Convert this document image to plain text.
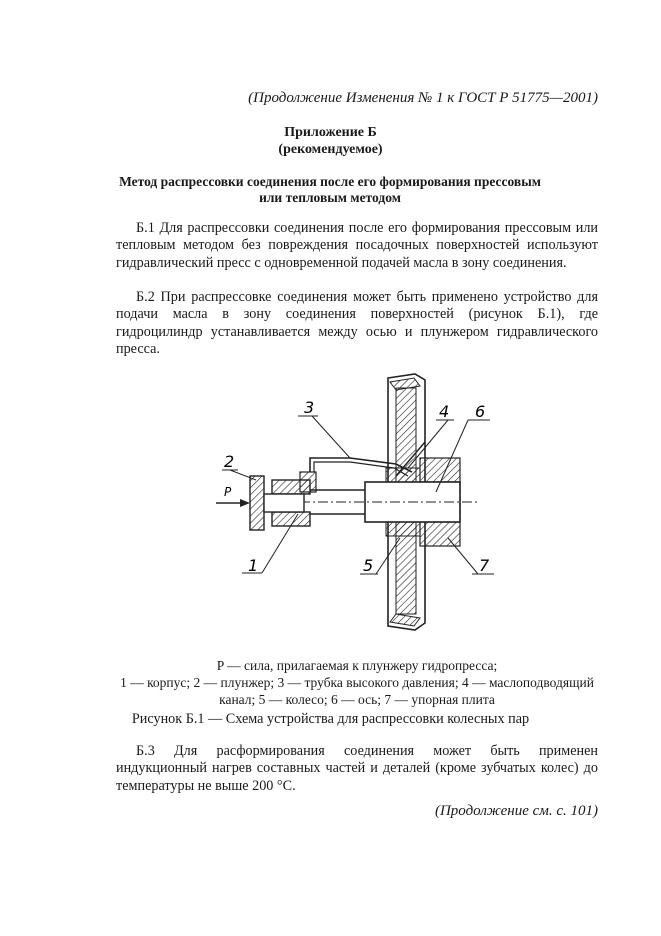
(Продолжение Изменения № 1 к ГОСТ Р 51775—2001)
Приложение Б
(рекомендуемое)
Метод распрессовки соединения после его формирования прессовым
или тепловым методом

Б.1 Для распрессовки соединения после его формирования прессовым или тепловым методом без повреждения посадочных поверхностей используют гидравлический пресс с одновременной подачей масла в зону соединения.

Б.2 При распрессовке соединения может быть применено устройство для подачи масла в зону соединения поверхностей (рисунок Б.1), где гидроцилиндр устанавливается между осью и плунжером гидравлического пресса.

P
1
2
3	4
5
6
7
P — сила, прилагаемая к плунжеру гидропресса;
1 — корпус; 2 — плунжер; 3 — трубка высокого давления; 4 — маслоподводящий
канал; 5 — колесо; 6 — ось; 7 — упорная плита
Рисунок Б.1 — Схема устройства для распрессовки колесных пар

Б.3 Для расформирования соединения может быть применен индукционный нагрев составных частей и деталей (кроме зубчатых колес) до температуры не выше 200 °С.

(Продолжение см. с. 101)
